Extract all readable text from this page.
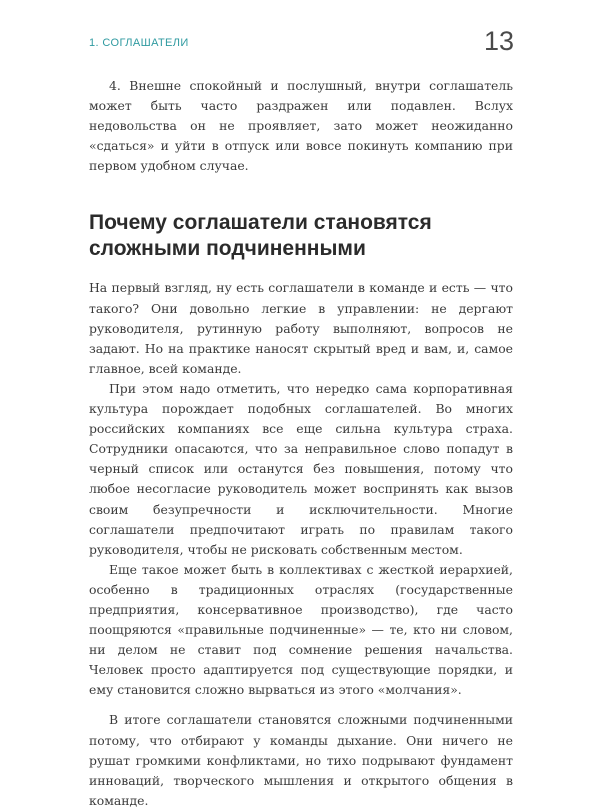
1. СОГЛАШАТЕЛИ	13

4. Внешне спокойный и послушный, внутри соглашатель может быть часто раздражен или подавлен. Вслух недовольства он не проявляет, зато может неожиданно «сдаться» и уйти в отпуск или вовсе покинуть компанию при первом удобном случае.

Почему соглашатели становятся сложными подчиненными

На первый взгляд, ну есть соглашатели в команде и есть — что такого? Они довольно легкие в управлении: не дергают руководителя, рутинную работу выполняют, вопросов не задают. Но на практике наносят скрытый вред и вам, и, самое главное, всей команде.

При этом надо отметить, что нередко сама корпоративная культура порождает подобных соглашателей. Во многих российских компаниях все еще сильна культура страха. Сотрудники опасаются, что за неправильное слово попадут в черный список или останутся без повышения, потому что любое несогласие руководитель может воспринять как вызов своим безупречности и исключительности. Многие соглашатели предпочитают играть по правилам такого руководителя, чтобы не рисковать собственным местом.

Еще такое может быть в коллективах с жесткой иерархией, особенно в традиционных отраслях (государственные предприятия, консервативное производство), где часто поощряются «правильные подчиненные» — те, кто ни словом, ни делом не ставит под сомнение решения начальства. Человек просто адаптируется под существующие порядки, и ему становится сложно вырваться из этого «молчания».

В итоге соглашатели становятся сложными подчиненными потому, что отбирают у команды дыхание. Они ничего не рушат громкими конфликтами, но тихо подрывают фундамент инноваций, творческого мышления и открытого общения в команде.
